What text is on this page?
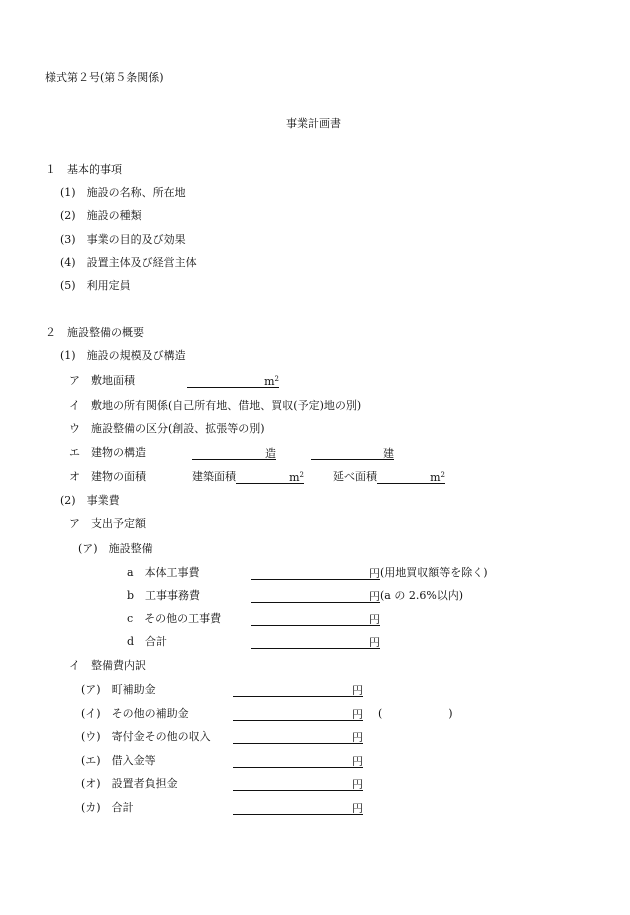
様式第２号(第５条関係)
事業計画書
１　基本的事項
(1)　 施設の名称、所在地
(2)　 施設の種類
(3)　 事業の目的及び効果
(4)　 設置主体及び経営主体
(5)　 利用定員
２　施設整備の概要
(1)　 施設の規模及び構造
ア　 敷地面積	$m^2$
イ　 敷地の所有関係(自己所有地、借地、買収(予定)地の別)
ウ　 施設整備の区分(創設、拡張等の別)
エ　 建物の構造	造	建
オ　 建物の面積	建築面積	$m^2$	延べ面積	$m^2$
(2)　 事業費
ア　 支出予定額
(ア)　 施設整備
a　 本体工事費	円(用地買収額等を除く)
b　 工事事務費	円(a の 2.6%以内)
c　 その他の工事費	円
d　 合計	円
イ　 整備費内訳
(ア)　 町補助金	円
(イ)　 その他の補助金	円 (　　　　　　)
(ウ)　 寄付金その他の収入	円
(エ)　 借入金等	円
(オ)　 設置者負担金	円
(カ)　 合計	円
